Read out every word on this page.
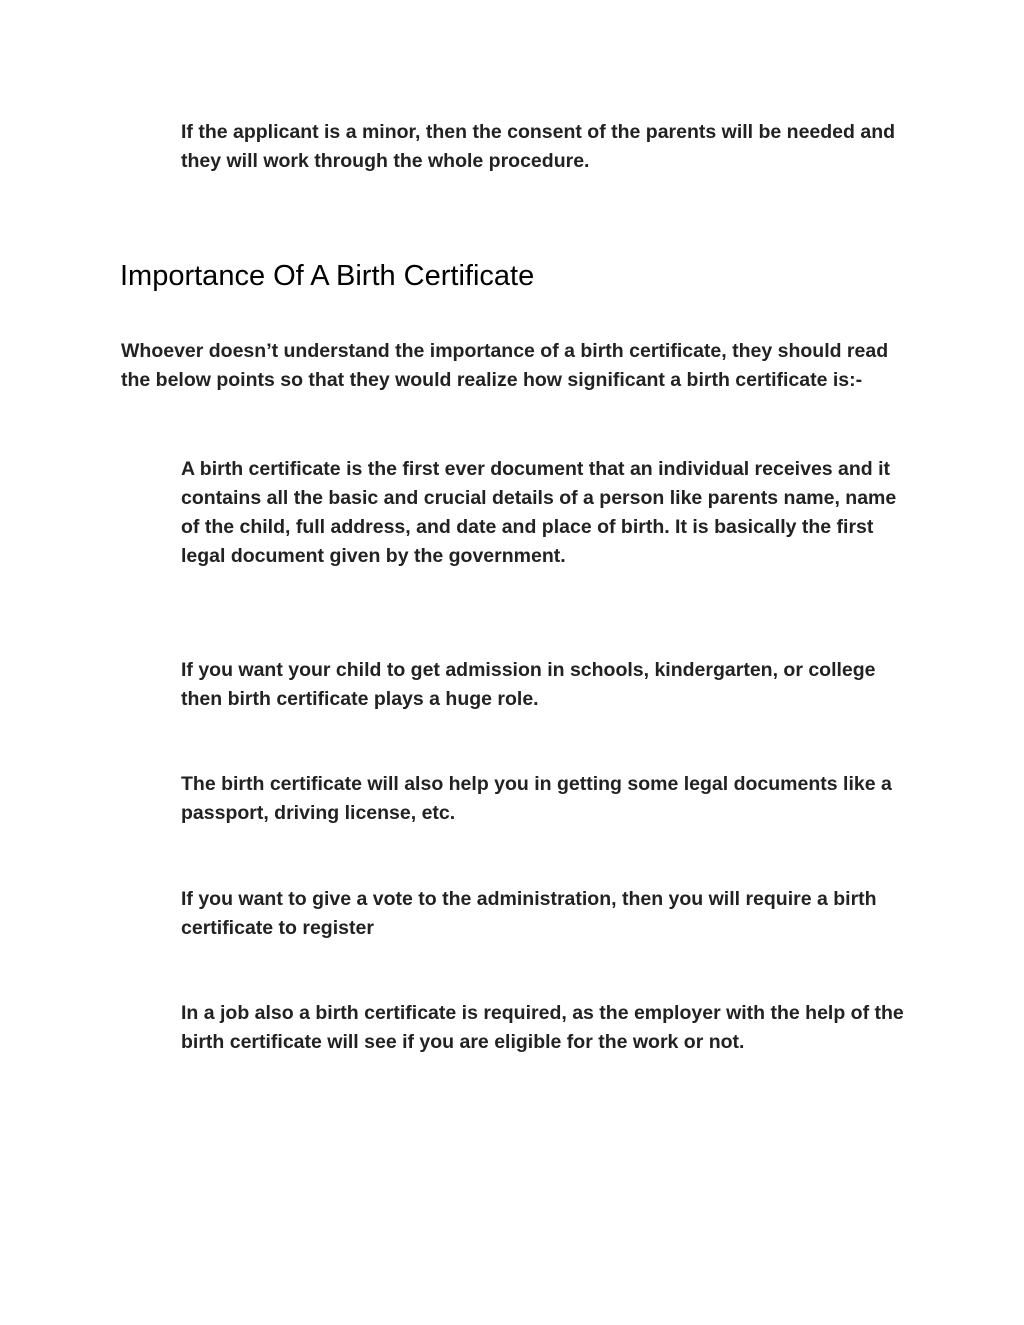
If the applicant is a minor, then the consent of the parents will be needed and they will work through the whole procedure.

Importance Of A Birth Certificate

Whoever doesn’t understand the importance of a birth certificate, they should read the below points so that they would realize how significant a birth certificate is:-

A birth certificate is the first ever document that an individual receives and it contains all the basic and crucial details of a person like parents name, name of the child, full address, and date and place of birth. It is basically the first legal document given by the government.

If you want your child to get admission in schools, kindergarten, or college then birth certificate plays a huge role.

The birth certificate will also help you in getting some legal documents like a passport, driving license, etc.

If you want to give a vote to the administration, then you will require a birth certificate to register

In a job also a birth certificate is required, as the employer with the help of the birth certificate will see if you are eligible for the work or not.
